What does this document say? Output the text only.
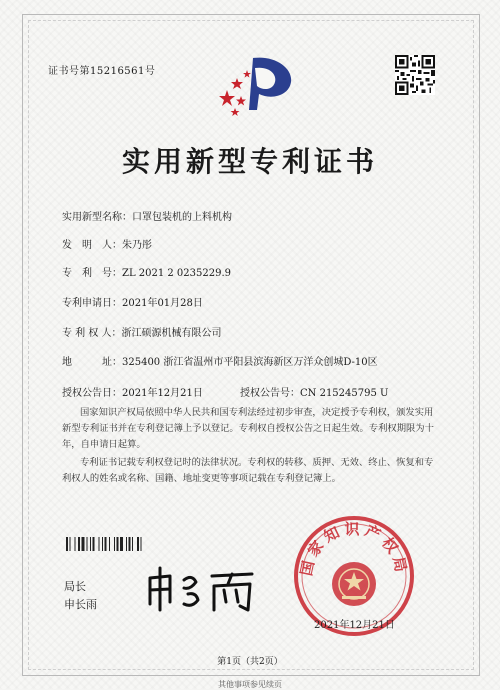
证书号第15216561号
实用新型专利证书
实用新型名称：口罩包装机的上料机构
发　明　人：朱乃彤
专　利　号：ZL 2021 2 0235229.9
专利申请日：2021年01月28日
专 利 权 人：浙江硕源机械有限公司
地　　　址：325400 浙江省温州市平阳县滨海新区万洋众创城D-10区
授权公告日：2021年12月21日	授权公告号：CN 215245795 U
国家知识产权局依照中华人民共和国专利法经过初步审查，决定授予专利权，颁发实用新型专利证书并在专利登记簿上予以登记。专利权自授权公告之日起生效。专利权期限为十年，自申请日起算。
专利证书记载专利权登记时的法律状况。专利权的转移、质押、无效、终止、恢复和专利权人的姓名或名称、国籍、地址变更等事项记载在专利登记簿上。
局长
申长雨
国家知识产权局
2021年12月21日
第1页（共2页）
其他事项参见续页
